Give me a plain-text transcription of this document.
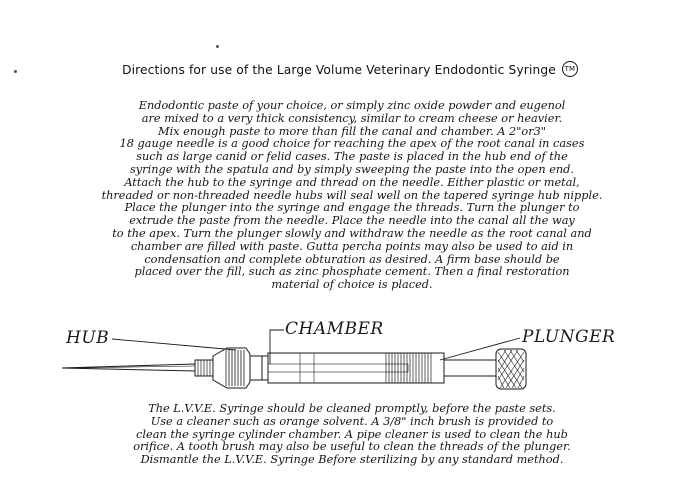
Directions for use of the Large Volume Veterinary Endodontic Syringe TM
Endodontic paste of your choice, or simply zinc oxide powder and eugenol
are mixed to a very thick consistency, similar to cream cheese or heavier.
Mix enough paste to more than fill the canal and chamber. A 2"or3"
18 gauge needle is a good choice for reaching the apex of the root canal in cases
such as large canid or felid cases. The paste is placed in the hub end of the
syringe with the spatula and by simply sweeping the paste into the open end.
Attach the hub to the syringe and thread on the needle. Either plastic or metal,
threaded or non-threaded needle hubs will seal well on the tapered syringe hub nipple.
Place the plunger into the syringe and engage the threads. Turn the plunger to
extrude the paste from the needle. Place the needle into the canal all the way
to the apex. Turn the plunger slowly and withdraw the needle as the root canal and
chamber are filled with paste. Gutta percha points may also be used to aid in
condensation and complete obturation as desired. A firm base should be
placed over the fill, such as zinc phosphate cement. Then a final restoration
material of choice is placed.
HUB	CHAMBER	PLUNGER
The L.V.V.E. Syringe should be cleaned promptly, before the paste sets.
Use a cleaner such as orange solvent. A 3/8" inch brush is provided to
clean the syringe cylinder chamber. A pipe cleaner is used to clean the hub
orifice. A tooth brush may also be useful to clean the threads of the plunger.
Dismantle the L.V.V.E. Syringe Before sterilizing by any standard method.
